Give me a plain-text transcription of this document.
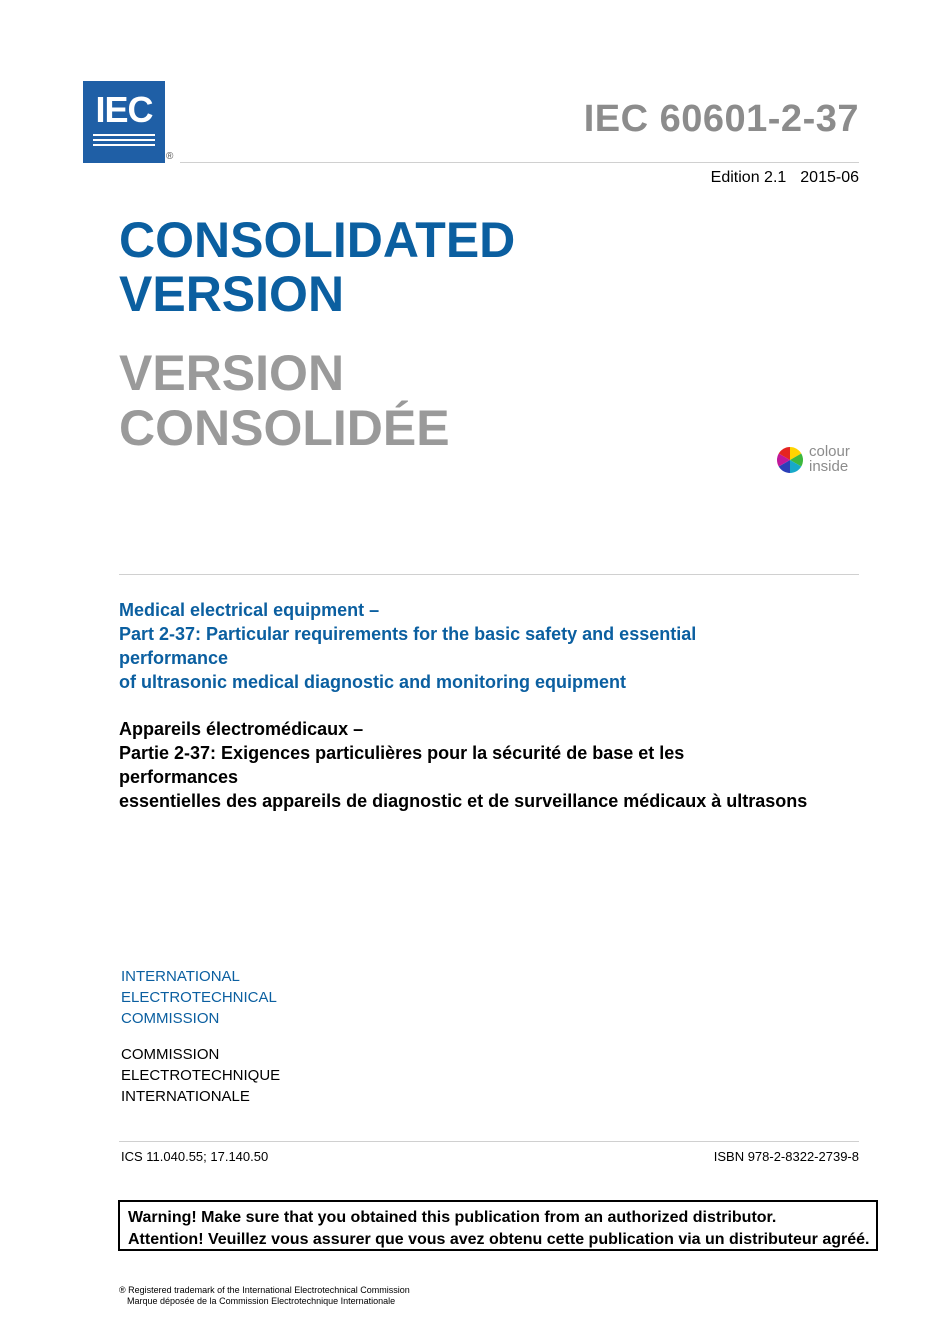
IEC
®
IEC 60601-2-37
Edition 2.1 2015-06
CONSOLIDATED
VERSION
VERSION
CONSOLIDÉE	colour
inside
Medical electrical equipment –
Part 2-37: Particular requirements for the basic safety and essential
performance
of ultrasonic medical diagnostic and monitoring equipment
Appareils électromédicaux –
Partie 2-37: Exigences particulières pour la sécurité de base et les
performances
essentielles des appareils de diagnostic et de surveillance médicaux à ultrasons
INTERNATIONAL
ELECTROTECHNICAL
COMMISSION
COMMISSION
ELECTROTECHNIQUE
INTERNATIONALE
ICS 11.040.55; 17.140.50	ISBN 978-2-8322-2739-8
Warning! Make sure that you obtained this publication from an authorized distributor.
Attention! Veuillez vous assurer que vous avez obtenu cette publication via un distributeur agréé.
® Registered trademark of the International Electrotechnical Commission
Marque déposée de la Commission Electrotechnique Internationale
